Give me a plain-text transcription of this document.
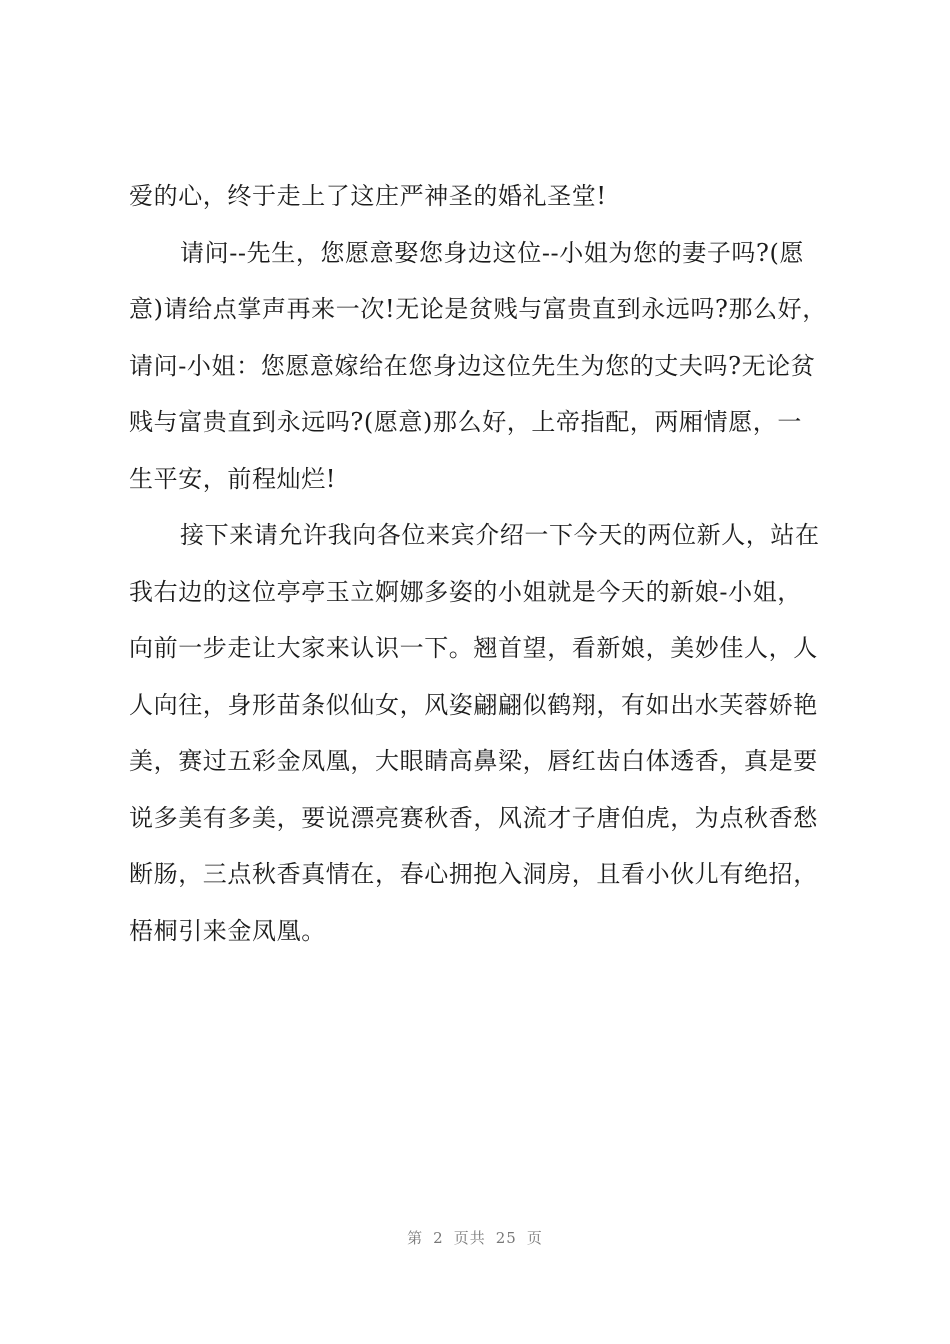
爱的心，终于走上了这庄严神圣的婚礼圣堂!

请问--先生，您愿意娶您身边这位--小姐为您的妻子吗?(愿
意)请给点掌声再来一次!无论是贫贱与富贵直到永远吗?那么好，
请问-小姐：您愿意嫁给在您身边这位先生为您的丈夫吗?无论贫
贱与富贵直到永远吗?(愿意)那么好，上帝指配，两厢情愿，一
生平安，前程灿烂!

接下来请允许我向各位来宾介绍一下今天的两位新人，站在
我右边的这位亭亭玉立婀娜多姿的小姐就是今天的新娘-小姐，
向前一步走让大家来认识一下。翘首望，看新娘，美妙佳人，人
人向往，身形苗条似仙女，风姿翩翩似鹤翔，有如出水芙蓉娇艳
美，赛过五彩金凤凰，大眼睛高鼻梁，唇红齿白体透香，真是要
说多美有多美，要说漂亮赛秋香，风流才子唐伯虎，为点秋香愁
断肠，三点秋香真情在，春心拥抱入洞房，且看小伙儿有绝招，
梧桐引来金凤凰。

第 2 页共 25 页
